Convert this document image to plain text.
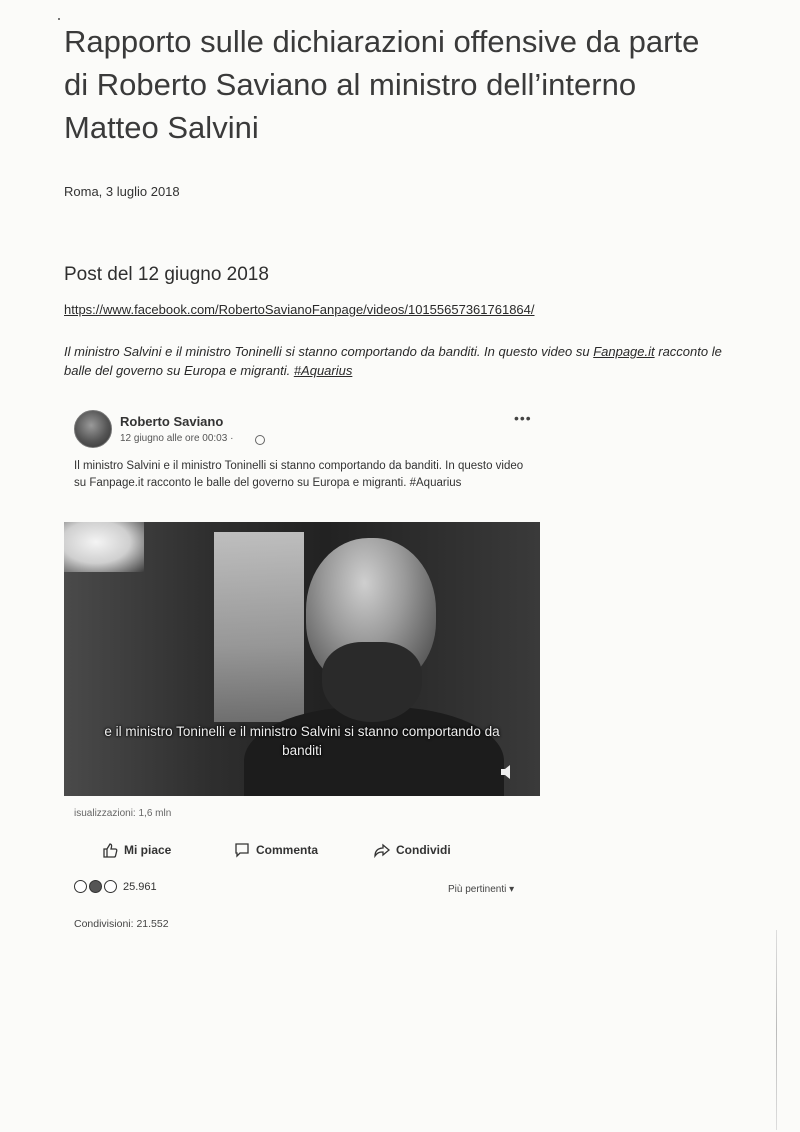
Rapporto sulle dichiarazioni offensive da parte di Roberto Saviano al ministro dell’interno Matteo Salvini
Roma, 3 luglio 2018
Post del 12 giugno 2018
https://www.facebook.com/RobertoSavianoFanpage/videos/10155657361761864/

Il ministro Salvini e il ministro Toninelli si stanno comportando da banditi. In questo video su Fanpage.it racconto le balle del governo su Europa e migranti. #Aquarius

Roberto Saviano
12 giugno alle ore 00:03 ·
•••

Il ministro Salvini e il ministro Toninelli si stanno comportando da banditi. In questo video su Fanpage.it racconto le balle del governo su Europa e migranti. #Aquarius

e il ministro Toninelli e il ministro Salvini si stanno comportando da banditi
isualizzazioni: 1,6 mln
Mi piace	Commenta	Condividi
25.961	Più pertinenti ▾
Condivisioni: 21.552
